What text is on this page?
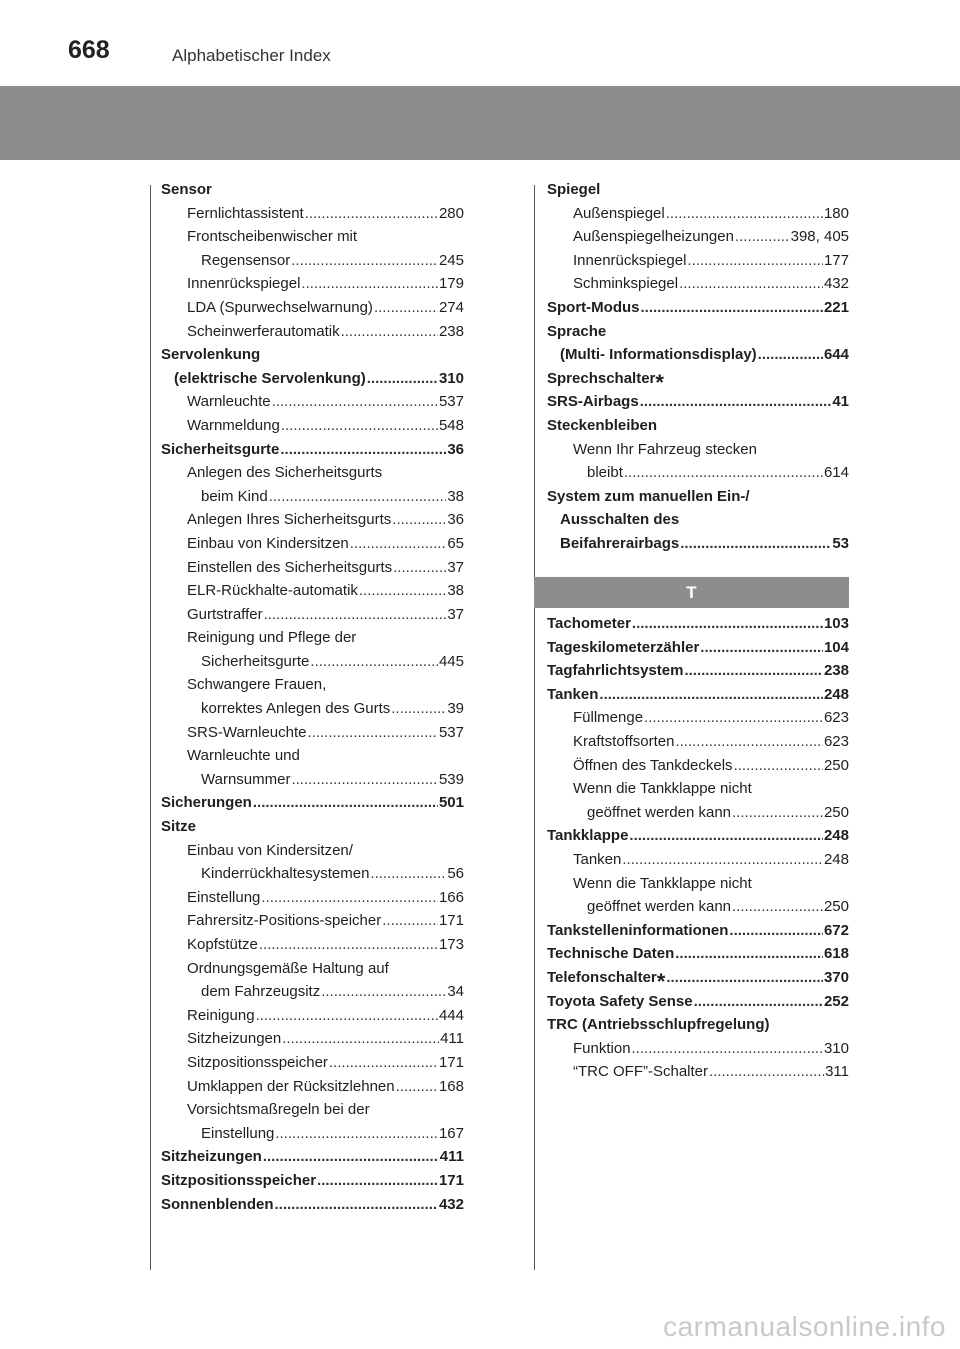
668	Alphabetischer Index
Sensor
Fernlichtassistent .....	280
Frontscheibenwischer mit
Regensensor .....	245
Innenrückspiegel .....	179
LDA (Spurwechselwarnung) .....	274
Scheinwerferautomatik .....	238
Servolenkung
(elektrische Servolenkung) .....	310
Warnleuchte .....	537
Warnmeldung .....	548
Sicherheitsgurte .....	36
Anlegen des Sicherheitsgurts
beim Kind .....	38
Anlegen Ihres Sicherheitsgurts .....	36
Einbau von Kindersitzen .....	65
Einstellen des Sicherheitsgurts .....	37
ELR-Rückhalte-automatik .....	38
Gurtstraffer .....	37
Reinigung und Pflege der
Sicherheitsgurte .....	445
Schwangere Frauen,
korrektes Anlegen des Gurts .....	39
SRS-Warnleuchte .....	537
Warnleuchte und
Warnsummer .....	539
Sicherungen .....	501
Sitze
Einbau von Kindersitzen/
Kinderrückhaltesystemen .....	56
Einstellung .....	166
Fahrersitz-Positions-speicher .....	171
Kopfstütze .....	173
Ordnungsgemäße Haltung auf
dem Fahrzeugsitz .....	34
Reinigung .....	444
Sitzheizungen .....	411
Sitzpositionsspeicher .....	171
Umklappen der Rücksitzlehnen .....	168
Vorsichtsmaßregeln bei der
Einstellung .....	167
Sitzheizungen .....	411
Sitzpositionsspeicher .....	171
Sonnenblenden .....	432
Spiegel
Außenspiegel .....	180
Außenspiegelheizungen .....	398, 405
Innenrückspiegel .....	177
Schminkspiegel .....	432
Sport-Modus .....	221
Sprache
(Multi- Informationsdisplay) .....	644
Sprechschalter*
SRS-Airbags .....	41
Steckenbleiben
Wenn Ihr Fahrzeug stecken
bleibt .....	614
System zum manuellen Ein-/
Ausschalten des
Beifahrerairbags .....	53
T
Tachometer .....	103
Tageskilometerzähler .....	104
Tagfahrlichtsystem .....	238
Tanken .....	248
Füllmenge .....	623
Kraftstoffsorten .....	623
Öffnen des Tankdeckels .....	250
Wenn die Tankklappe nicht
geöffnet werden kann .....	250
Tankklappe .....	248
Tanken .....	248
Wenn die Tankklappe nicht
geöffnet werden kann .....	250
Tankstelleninformationen .....	672
Technische Daten .....	618
Telefonschalter * .....	370
Toyota Safety Sense .....	252
TRC (Antriebsschlupfregelung)
Funktion .....	310
“TRC OFF”-Schalter .....	311
carmanualsonline.info
